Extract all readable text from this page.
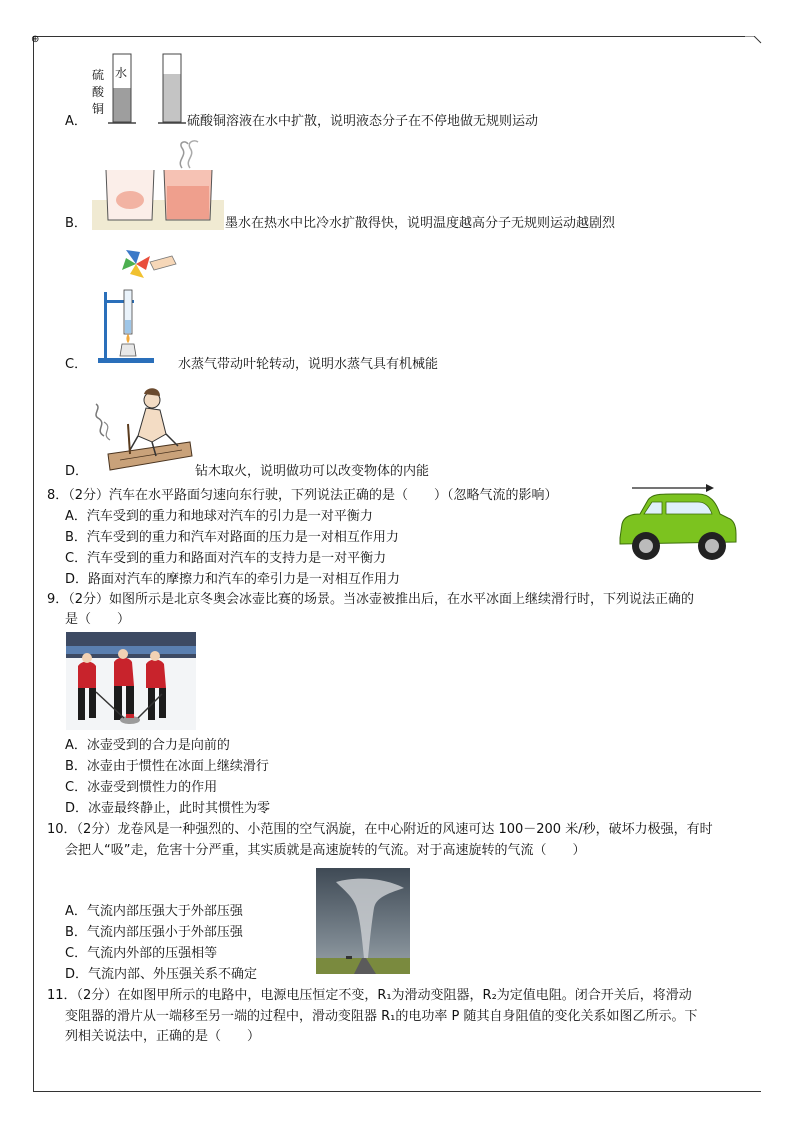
⊕
硫
酸
铜
水
A．	硫酸铜溶液在水中扩散，说明液态分子在不停地做无规则运动
B．	墨水在热水中比冷水扩散得快，说明温度越高分子无规则运动越剧烈
C．	水蒸气带动叶轮转动，说明水蒸气具有机械能
D．	钻木取火，说明做功可以改变物体的内能
8．（2分）汽车在水平路面匀速向东行驶，下列说法正确的是（　　）（忽略气流的影响）
A．汽车受到的重力和地球对汽车的引力是一对平衡力
B．汽车受到的重力和汽车对路面的压力是一对相互作用力
C．汽车受到的重力和路面对汽车的支持力是一对平衡力
D．路面对汽车的摩擦力和汽车的牵引力是一对相互作用力
9．（2分）如图所示是北京冬奥会冰壶比赛的场景。当冰壶被推出后，在水平冰面上继续滑行时，下列说法正确的
是（　　）
A．冰壶受到的合力是向前的
B．冰壶由于惯性在冰面上继续滑行
C．冰壶受到惯性力的作用
D．冰壶最终静止，此时其惯性为零
10．（2分）龙卷风是一种强烈的、小范围的空气涡旋，在中心附近的风速可达 100－200 米/秒，破坏力极强，有时
会把人“吸”走，危害十分严重，其实质就是高速旋转的气流。对于高速旋转的气流（　　）
A．气流内部压强大于外部压强
B．气流内部压强小于外部压强
C．气流内外部的压强相等
D．气流内部、外压强关系不确定
11．（2分）在如图甲所示的电路中，电源电压恒定不变，R₁为滑动变阻器，R₂为定值电阻。闭合开关后，将滑动
变阻器的滑片从一端移至另一端的过程中，滑动变阻器 R₁的电功率 P 随其自身阻值的变化关系如图乙所示。下
列相关说法中，正确的是（　　）
